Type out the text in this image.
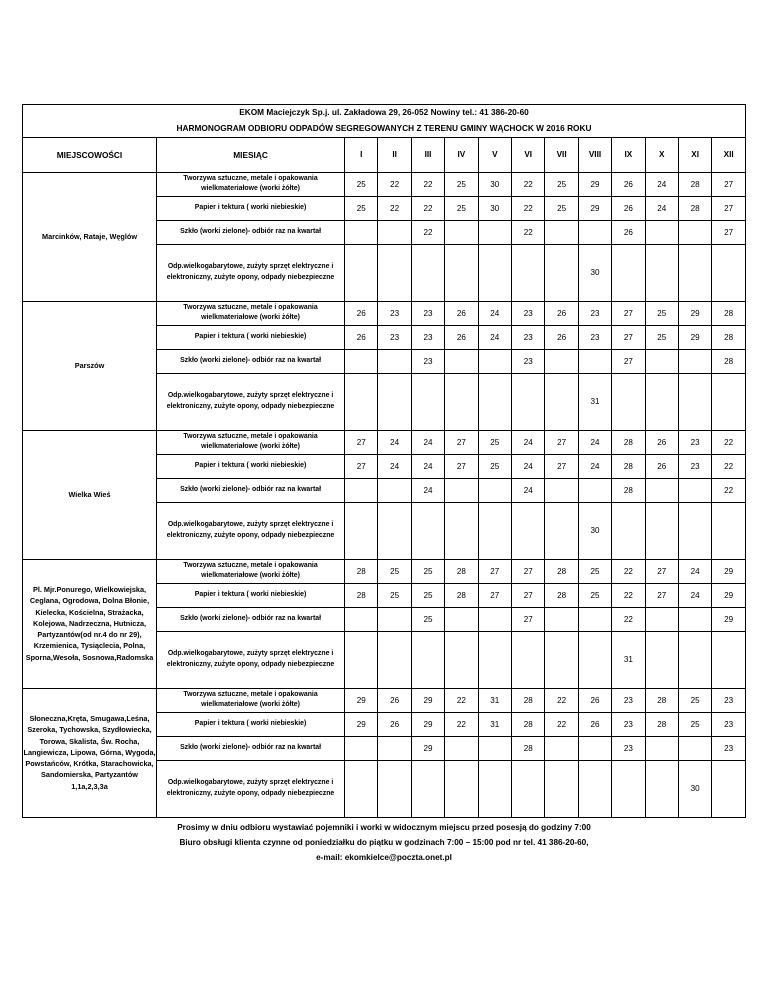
EKOM Maciejczyk Sp.j. ul. Zakładowa 29, 26-052 Nowiny tel.: 41 386-20-60
HARMONOGRAM ODBIORU ODPADÓW SEGREGOWANYCH Z TERENU GMINY WĄCHOCK W 2016 ROKU													

MIEJSCOWOŚCI	MIESIĄC	I	II	III	IV	V	VI	VII	VIII	IX	X	XI	XII
Marcinków, Rataje, Węglów	Tworzywa sztuczne, metale i opakowania wielkmateriałowe (worki żółte)	25	22	22	25	30	22	25	29	26	24	28	27
	Papier i tektura ( worki niebieskie)	25	22	22	25	30	22	25	29	26	24	28	27
	Szkło (worki zielone)- odbiór raz na kwartał			22			22			26			27
	Odp.wielkogabarytowe, zużyty sprzęt elektryczne i elektroniczny, zużyte opony, odpady niebezpieczne								30				
Parszów	Tworzywa sztuczne, metale i opakowania wielkmateriałowe (worki żółte)	26	23	23	26	24	23	26	23	27	25	29	28
	Papier i tektura ( worki niebieskie)	26	23	23	26	24	23	26	23	27	25	29	28
	Szkło (worki zielone)- odbiór raz na kwartał			23			23			27			28
	Odp.wielkogabarytowe, zużyty sprzęt elektryczne i elektroniczny, zużyte opony, odpady niebezpieczne								31				
Wielka Wieś	Tworzywa sztuczne, metale i opakowania wielkmateriałowe (worki żółte)	27	24	24	27	25	24	27	24	28	26	23	22
	Papier i tektura ( worki niebieskie)	27	24	24	27	25	24	27	24	28	26	23	22
	Szkło (worki zielone)- odbiór raz na kwartał			24			24			28			22
	Odp.wielkogabarytowe, zużyty sprzęt elektryczne i elektroniczny, zużyte opony, odpady niebezpieczne								30				
Pl. Mjr.Ponurego, Wielkowiejska, Ceglana, Ogrodowa, Dolna Błonie, Kielecka, Kościelna, Strażacka, Kolejowa, Nadrzeczna, Hutnicza, Partyzantów(od nr.4 do nr 29), Krzemienica, Tysiąclecia, Polna, Sporna,Wesoła, Sosnowa,Radomska	Tworzywa sztuczne, metale i opakowania wielkmateriałowe (worki żółte)	28	25	25	28	27	27	28	25	22	27	24	29
	Papier i tektura ( worki niebieskie)	28	25	25	28	27	27	28	25	22	27	24	29
	Szkło (worki zielone)- odbiór raz na kwartał			25			27			22			29
	Odp.wielkogabarytowe, zużyty sprzęt elektryczne i elektroniczny, zużyte opony, odpady niebezpieczne									31			
Słoneczna,Kręta, Smugawa,Leśna, Szeroka, Tychowska, Szydłowiecka, Torowa, Skalista, Św. Rocha, Langiewicza, Lipowa, Górna, Wygoda, Powstańców, Krótka, Starachowicka, Sandomierska, Partyzantów 1,1a,2,3,3a	Tworzywa sztuczne, metale i opakowania wielkmateriałowe (worki żółte)	29	26	29	22	31	28	22	26	23	28	25	23
	Papier i tektura ( worki niebieskie)	29	26	29	22	31	28	22	26	23	28	25	23
	Szkło (worki zielone)- odbiór raz na kwartał			29			28			23			23
	Odp.wielkogabarytowe, zużyty sprzęt elektryczne i elektroniczny, zużyte opony, odpady niebezpieczne											30	
Prosimy w dniu odbioru wystawiać pojemniki i worki w widocznym miejscu przed posesją do godziny 7:00
Biuro obsługi klienta czynne od poniedziałku do piątku w godzinach 7:00 – 15:00 pod nr tel. 41 386-20-60,
e-mail: ekomkielce@poczta.onet.pl
